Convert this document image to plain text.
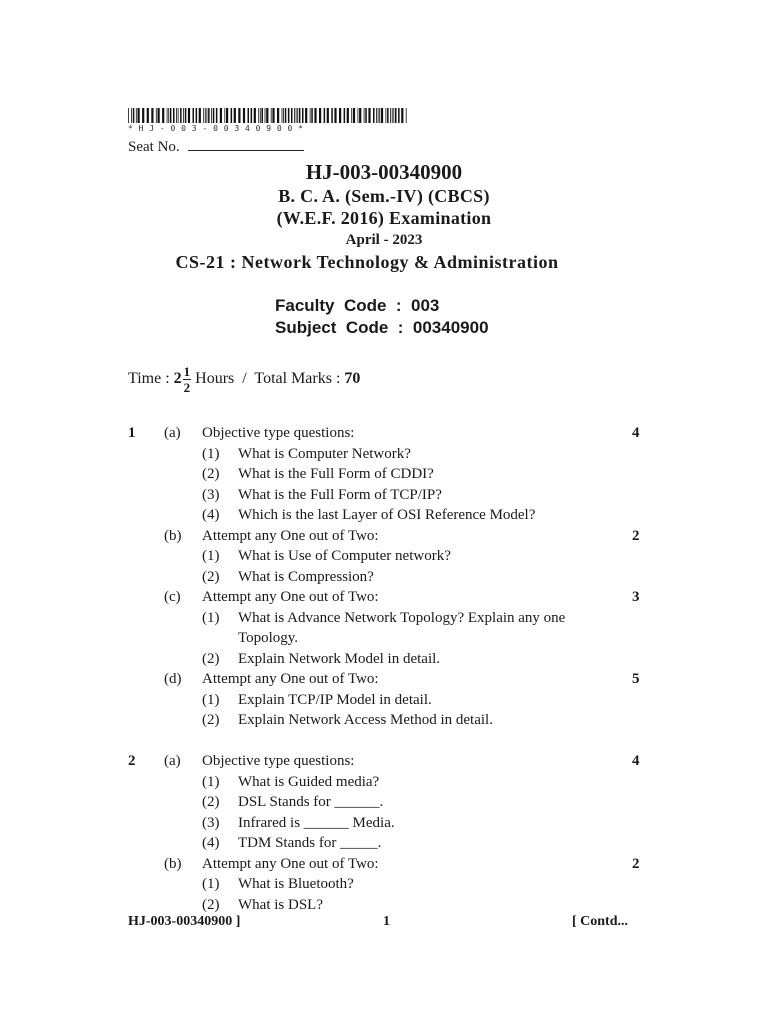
* H J - 0 0 3 - 0 0 3 4 0 9 0 0 *
Seat No.
HJ-003-00340900
B. C. A. (Sem.-IV) (CBCS)
(W.E.F. 2016) Examination
April - 2023
CS-21 : Network Technology & Administration
Faculty  Code  :  003
Subject  Code  :  00340900
Time : $2 \frac{1}{2}$ Hours  /  Total Marks : 70
1 (a) Objective type questions:	4
(1) What is Computer Network?
(2) What is the Full Form of CDDI?
(3) What is the Full Form of TCP/IP?
(4) Which is the last Layer of OSI Reference Model?
(b) Attempt any One out of Two:	2
(1) What is Use of Computer network?
(2) What is Compression?
(c) Attempt any One out of Two:	3
(1) What is Advance Network Topology? Explain any one
Topology.
(2) Explain Network Model in detail.
(d) Attempt any One out of Two:	5
(1) Explain TCP/IP Model in detail.
(2) Explain Network Access Method in detail.
2 (a) Objective type questions:	4
(1) What is Guided media?
(2) DSL Stands for ______.
(3) Infrared is ______ Media.
(4) TDM Stands for _____.
(b) Attempt any One out of Two:	2
(1) What is Bluetooth?
(2) What is DSL?
HJ-003-00340900 ]	1	[ Contd...
